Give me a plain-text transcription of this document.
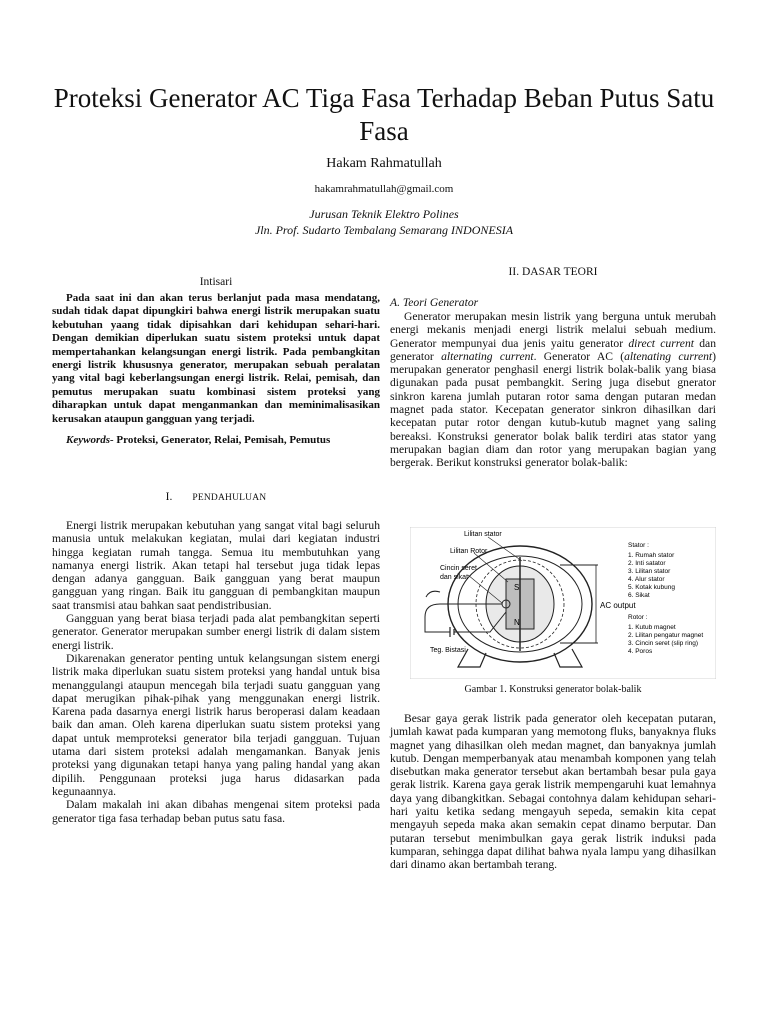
Proteksi Generator AC Tiga Fasa Terhadap Beban Putus Satu Fasa
Hakam Rahmatullah
hakamrahmatullah@gmail.com
Jurusan Teknik Elektro Polines
Jln. Prof. Sudarto Tembalang Semarang INDONESIA
Intisari
Pada saat ini dan akan terus berlanjut pada masa mendatang, sudah tidak dapat dipungkiri bahwa energi listrik merupakan suatu kebutuhan yaang tidak dipisahkan dari kehidupan sehari-hari. Dengan demikian diperlukan suatu sistem proteksi untuk dapat mempertahankan kelangsungan energi listrik. Pada pembangkitan energi listrik khususnya generator, merupakan sebuah peralatan yang vital bagi keberlangsungan energi listrik. Relai, pemisah, dan pemutus merupakan suatu kombinasi sistem proteksi yang diharapkan untuk dapat menganmankan dan meminimalisasikan kerusakan ataupun gangguan yang terjadi.
Keywords- Proteksi, Generator, Relai, Pemisah, Pemutus
I. PENDAHULUAN

Energi listrik merupakan kebutuhan yang sangat vital bagi seluruh manusia untuk melakukan kegiatan, mulai dari kegiatan industri hingga kegiatan rumah tangga. Semua itu membutuhkan yang namanya energi listrik. Akan tetapi hal tersebut juga tidak lepas dengan adanya gangguan. Baik gangguan yang berat maupun gangguan yang ringan. Baik itu gangguan di pembangkitan maupun saat transmisi atau bahkan saat pendistribusian.

Gangguan yang berat biasa terjadi pada alat pembangkitan seperti generator. Generator merupakan sumber energi listrik di dalam sistem energi listrik.

Dikarenakan generator penting untuk kelangsungan sistem energi listrik maka diperlukan suatu sistem proteksi yang handal untuk bisa menanggulangi ataupun mencegah bila terjadi suatu gangguan yang dapat merugikan pihak-pihak yang menggunakan energi listrik. Karena pada dasarnya energi listrik harus beroperasi dalam keadaan baik dan aman. Oleh karena diperlukan suatu sistem proteksi yang dapat untuk memproteksi generator bila terjadi gangguan. Tujuan utama dari sistem proteksi adalah mengamankan. Banyak jenis proteksi yang digunakan tetapi hanya yang paling handal yang akan dipilih. Penggunaan proteksi juga harus didasarkan pada kegunaannya.

Dalam makalah ini akan dibahas mengenai sitem proteksi pada generator tiga fasa terhadap beban putus satu fasa.

II. DASAR TEORI
A. Teori Generator

Generator merupakan mesin listrik yang berguna untuk merubah energi mekanis menjadi energi listrik melalui sebuah medium. Generator mempunyai dua jenis yaitu generator direct current dan generator alternating current. Generator AC (altenating current) merupakan generator penghasil energi listrik bolak-balik yang biasa digunakan pada pusat pembangkit. Sering juga disebut gnerator sinkron karena jumlah putaran rotor sama dengan putaran medan magnet pada stator. Kecepatan generator sinkron dihasilkan dari kecepatan putar rotor dengan kutub-kutub magnet yang saling bereaksi. Konstruksi generator bolak balik terdiri atas stator yang merupakan bagian diam dan rotor yang merupakan bagian yang bergerak. Berikut konstruksi generator bolak-balik:

S
N
AC output
Lilitan stator
Lilitan Rotor
Cincin seret
dan sikat
Teg. Bistasi
Stator :
1. Rumah stator
2. Inti satator
3. Lilitan stator
4. Alur stator
5. Kotak kubung
6. Sikat
Rotor :
1. Kutub magnet
2. Lilitan pengatur magnet
3. Cincin seret (slip ring)
4. Poros
Gambar 1. Konstruksi generator bolak-balik

Besar gaya gerak listrik pada generator oleh kecepatan putaran, jumlah kawat pada kumparan yang memotong fluks, banyaknya fluks magnet yang dihasilkan oleh medan magnet, dan banyaknya jumlah kutub. Dengan memperbanyak atau menambah komponen yang telah disebutkan maka generator tersebut akan bertambah besar pula gaya gerak listrik. Karena gaya gerak listrik mempengaruhi kuat lemahnya daya yang dibangkitkan. Sebagai contohnya dalam kehidupan sehari-hari yaitu ketika sedang mengayuh sepeda, semakin kita cepat mengayuh sepeda maka akan semakin cepat dinamo berputar. Dan putaran tersebut menimbulkan gaya gerak listrik induksi pada kumparan, sehingga dapat dilihat bahwa nyala lampu yang dihasilkan dari dinamo akan bertambah terang.
